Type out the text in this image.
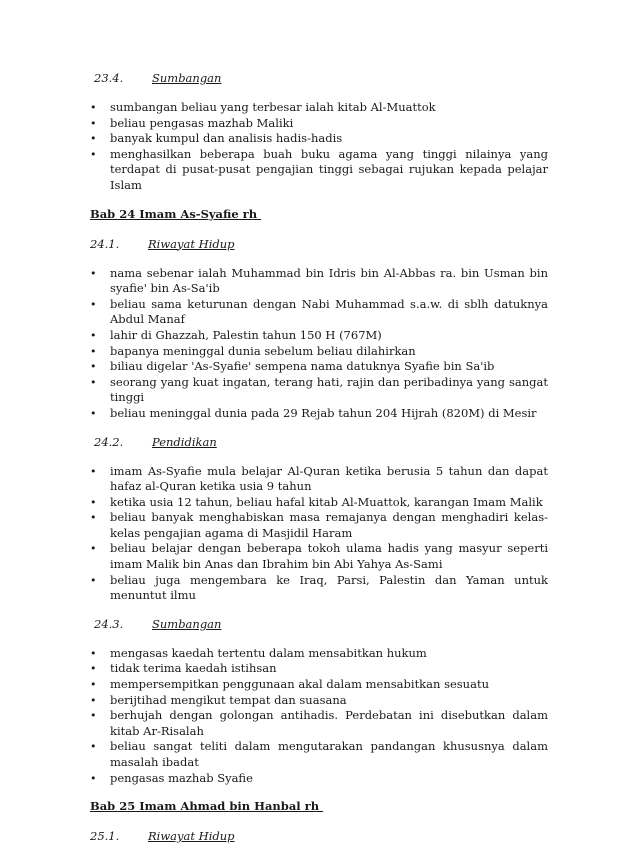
23.4. Sumbangan
•	sumbangan beliau yang terbesar ialah kitab Al-Muattok
•	beliau pengasas mazhab Maliki
•	banyak kumpul dan analisis hadis-hadis
•	menghasilkan beberapa buah buku agama yang tinggi nilainya yang terdapat di pusat-pusat pengajian tinggi sebagai rujukan kepada pelajar Islam
Bab 24 Imam As-Syafie rh
24.1. Riwayat Hidup
•	nama sebenar ialah Muhammad bin Idris bin Al-Abbas ra. bin Usman bin syafie' bin As-Sa'ib
•	beliau sama keturunan dengan Nabi Muhammad s.a.w. di sblh datuknya Abdul Manaf
•	lahir di Ghazzah, Palestin tahun 150 H (767M)
•	bapanya meninggal dunia sebelum beliau dilahirkan
•	biliau digelar 'As-Syafie' sempena nama datuknya Syafie bin Sa'ib
•	seorang yang kuat ingatan, terang hati, rajin dan peribadinya yang sangat tinggi
•	beliau meninggal dunia pada 29 Rejab tahun 204 Hijrah (820M) di Mesir
24.2. Pendidikan
•	imam As-Syafie mula belajar Al-Quran ketika berusia 5 tahun dan dapat hafaz al-Quran ketika usia 9 tahun
•	ketika usia 12 tahun, beliau hafal kitab Al-Muattok, karangan Imam Malik
•	beliau banyak menghabiskan masa remajanya dengan menghadiri kelas-kelas pengajian agama di Masjidil Haram
•	beliau belajar dengan beberapa tokoh ulama hadis yang masyur seperti imam Malik bin Anas dan Ibrahim bin Abi Yahya As-Sami
•	beliau juga mengembara ke Iraq, Parsi, Palestin dan Yaman untuk menuntut ilmu
24.3. Sumbangan
•	mengasas kaedah tertentu dalam mensabitkan hukum
•	tidak terima kaedah istihsan
•	mempersempitkan penggunaan akal dalam mensabitkan sesuatu
•	berijtihad mengikut tempat dan suasana
•	berhujah dengan golongan antihadis. Perdebatan ini disebutkan dalam kitab Ar-Risalah
•	beliau sangat teliti dalam mengutarakan pandangan khususnya dalam masalah ibadat
•	pengasas mazhab Syafie
Bab 25 Imam Ahmad bin Hanbal rh
25.1. Riwayat Hidup
